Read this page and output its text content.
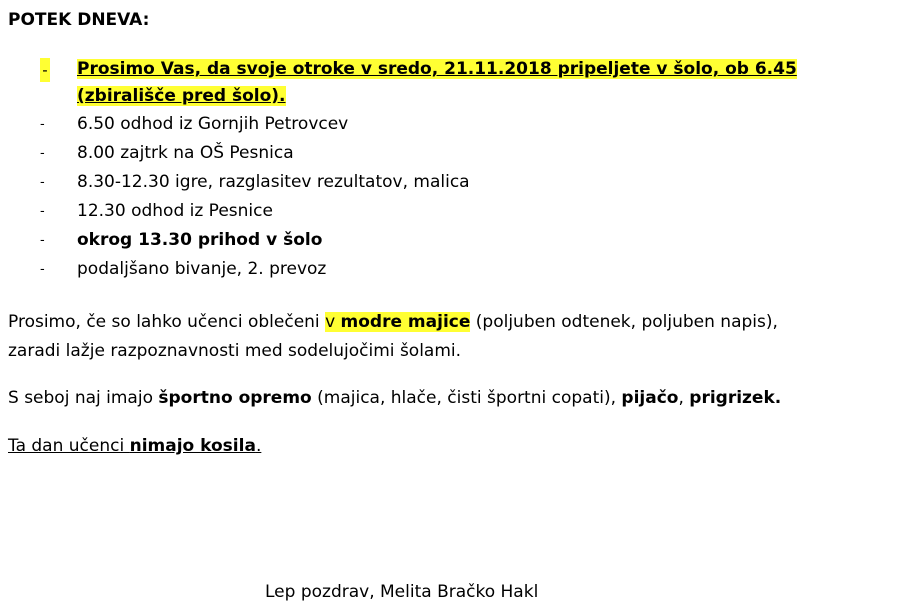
POTEK DNEVA:
- Prosimo Vas, da svoje otroke v sredo, 21.11.2018 pripeljete v šolo, ob 6.45
(zbirališče pred šolo).
- 6.50 odhod iz Gornjih Petrovcev
- 8.00 zajtrk na OŠ Pesnica
- 8.30-12.30 igre, razglasitev rezultatov, malica
- 12.30 odhod iz Pesnice
- okrog 13.30 prihod v šolo
- podaljšano bivanje, 2. prevoz
Prosimo, če so lahko učenci oblečeni v modre majice (poljuben odtenek, poljuben napis),
zaradi lažje razpoznavnosti med sodelujočimi šolami.
S seboj naj imajo športno opremo (majica, hlače, čisti športni copati), pijačo, prigrizek.
Ta dan učenci nimajo kosila.
Lep pozdrav, Melita Bračko Hakl
